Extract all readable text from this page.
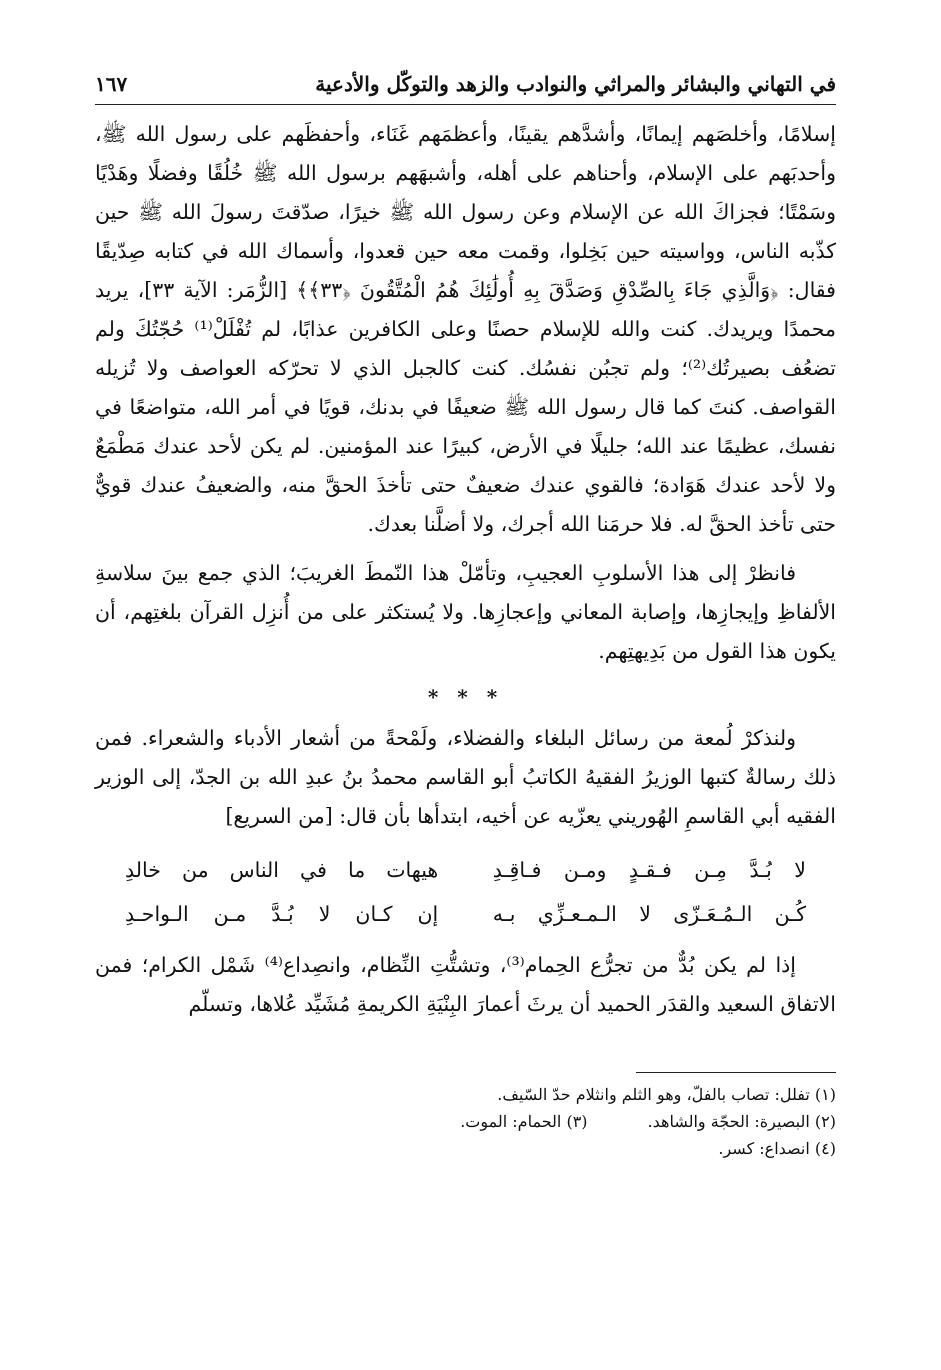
في التهاني والبشائر والمراثي والنوادب والزهد والتوكّل والأدعية
١٦٧

إسلامًا، وأخلصَهم إيمانًا، وأشدَّهم يقينًا، وأعظمَهم غَنَاء، وأحفظَهم على رسول الله ﷺ، وأحدبَهم على الإسلام، وأحناهم على أهله، وأشبهَهم برسول الله ﷺ خُلُقًا وفضلًا وهَدْيًا وسَمْتًا؛ فجزاكَ الله عن الإسلام وعن رسول الله ﷺ خيرًا، صدّقتَ رسولَ الله ﷺ حين كذّبه الناس، وواسيته حين بَخِلوا، وقمت معه حين قعدوا، وأسماك الله في كتابه صِدّيقًا فقال: ﴿وَالَّذِي جَاءَ بِالصِّدْقِ وَصَدَّقَ بِهِ أُولَٰئِكَ هُمُ الْمُتَّقُونَ ﴿٣٣﴾﴾ [الزُّمَر: الآية ٣٣]، يريد محمدًا ويريدك. كنت والله للإسلام حصنًا وعلى الكافرين عذابًا، لم تُفْلَلْ⁽¹⁾ حُجّتُكَ ولم تضعُف بصيرتُك⁽²⁾؛ ولم تجبُن نفسُك. كنت كالجبل الذي لا تحرّكه العواصف ولا تُزيله القواصف. كنتَ كما قال رسول الله ﷺ ضعيفًا في بدنك، قويًا في أمر الله، متواضعًا في نفسك، عظيمًا عند الله؛ جليلًا في الأرض، كبيرًا عند المؤمنين. لم يكن لأحد عندك مَطْمَعٌ ولا لأحد عندك هَوَادة؛ فالقوي عندك ضعيفٌ حتى تأخذَ الحقَّ منه، والضعيفُ عندك قويٌّ حتى تأخذ الحقَّ له. فلا حرمَنا الله أجرك، ولا أضلَّنا بعدك.

فانظرْ إلى هذا الأسلوبِ العجيبِ، وتأمّلْ هذا النّمطَ الغريبَ؛ الذي جمع بينَ سلاسةِ الألفاظِ وإيجازِها، وإصابة المعاني وإعجازِها. ولا يُستكثر على من أُنزِل القرآن بلغتِهم، أن يكون هذا القول من بَدِيهتِهم.

* * *

ولنذكرْ لُمعة من رسائل البلغاء والفضلاء، ولَمْحةً من أشعار الأدباء والشعراء. فمن ذلك رسالةٌ كتبها الوزيرُ الفقيهُ الكاتبُ أبو القاسم محمدُ بنُ عبدِ الله بن الجدّ، إلى الوزير الفقيه أبي القاسمِ الهُوريني يعزّيه عن أخيه، ابتدأها بأن قال: [من السريع]

لا بُـدَّ مِـن فـقـدٍ ومـن فـاقِـدِ
هيهات ما في الناس من خالدِ
كُـن الـمُـعَـزّى لا الـمـعـزِّي بـه
إن كـان لا بُـدَّ مـن الـواحـدِ

إذا لم يكن بُدٌّ من تجرُّع الحِمام⁽³⁾، وتشتُّتِ النِّظام، وانصِداع⁽⁴⁾ شَمْل الكرام؛ فمن الاتفاق السعيد والقدَر الحميد أن يرثَ أعمارَ البِنْيَةِ الكريمةِ مُشَيِّد عُلاها، وتسلّم

(١) تفلل: تصاب بالفلّ، وهو الثلم وانثلام حدّ السّيف.
(٢) البصيرة: الحجّة والشاهد.
(٣) الحمام: الموت.
(٤) انصداع: كسر.
